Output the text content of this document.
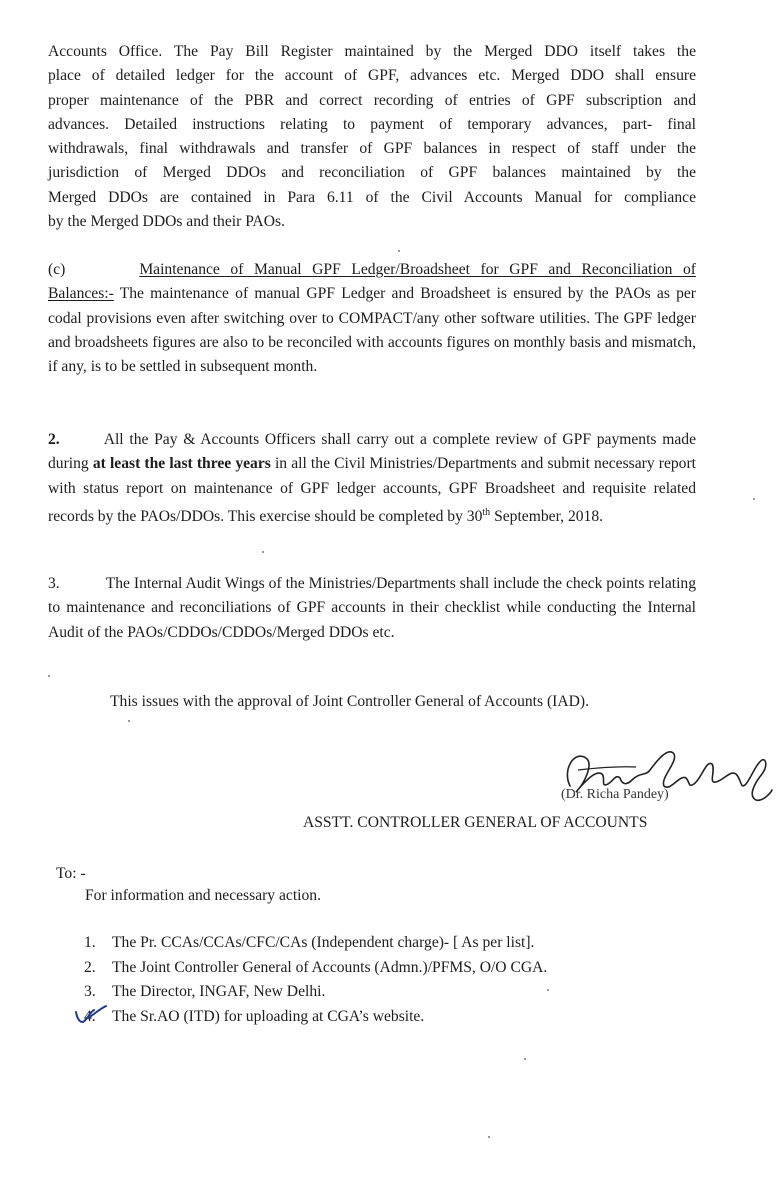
Accounts Office. The Pay Bill Register maintained by the Merged DDO itself takes the
place of detailed ledger for the account of GPF, advances etc. Merged DDO shall ensure
proper maintenance of the PBR and correct recording of entries of GPF subscription and
advances. Detailed instructions relating to payment of temporary advances, part- final
withdrawals, final withdrawals and transfer of GPF balances in respect of staff under the
jurisdiction of Merged DDOs and reconciliation of GPF balances maintained by the
Merged DDOs are contained in Para 6.11 of the Civil Accounts Manual for compliance
by the Merged DDOs and their PAOs.

(c)	Maintenance of Manual GPF Ledger/Broadsheet for GPF and Reconciliation of Balances:- The maintenance of manual GPF Ledger and Broadsheet is ensured by the PAOs as per codal provisions even after switching over to COMPACT/any other software utilities. The GPF ledger and broadsheets figures are also to be reconciled with accounts figures on monthly basis and mismatch, if any, is to be settled in subsequent month.

2.	All the Pay & Accounts Officers shall carry out a complete review of GPF payments made during at least the last three years in all the Civil Ministries/Departments and submit necessary report with status report on maintenance of GPF ledger accounts, GPF Broadsheet and requisite related records by the PAOs/DDOs. This exercise should be completed by 30th September, 2018.

3.	The Internal Audit Wings of the Ministries/Departments shall include the check points relating to maintenance and reconciliations of GPF accounts in their checklist while conducting the Internal Audit of the PAOs/CDDOs/CDDOs/Merged DDOs etc.

This issues with the approval of Joint Controller General of Accounts (IAD).
(Dr. Richa Pandey)
ASSTT. CONTROLLER GENERAL OF ACCOUNTS
To: -
For information and necessary action.
1. The Pr. CCAs/CCAs/CFC/CAs (Independent charge)- [ As per list].
2. The Joint Controller General of Accounts (Admn.)/PFMS, O/O CGA.
3. The Director, INGAF, New Delhi.
4. The Sr.AO (ITD) for uploading at CGA’s website.
